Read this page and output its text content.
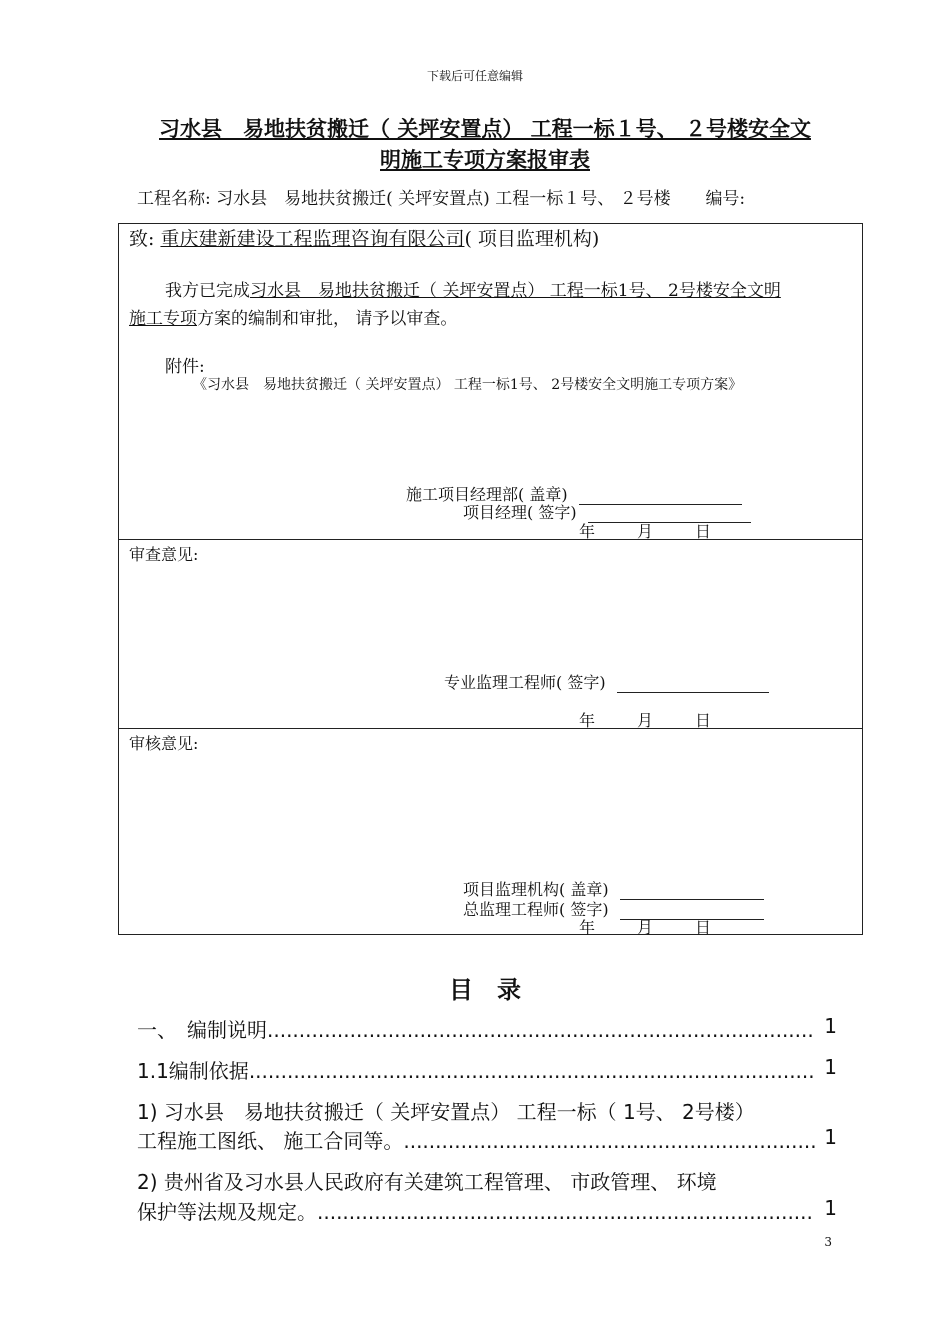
下载后可任意编辑
习水县　易地扶贫搬迁（ 关坪安置点） 工程一标１号、 ２号楼安全文
明施工专项方案报审表
工程名称: 习水县　易地扶贫搬迁( 关坪安置点) 工程一标１号、 ２号楼 编号:
致: 重庆建新建设工程监理咨询有限公司( 项目监理机构)
我方已完成习水县　易地扶贫搬迁（ 关坪安置点） 工程一标1号、 2号楼安全文明
施工专项方案的编制和审批， 请予以审查。
附件:
《习水县　易地扶贫搬迁（ 关坪安置点） 工程一标1号、 2号楼安全文明施工专项方案》
施工项目经理部( 盖章)
项目经理( 签字)
年	月	日
审查意见:
专业监理工程师( 签字)
年	月	日
审核意见:
项目监理机构( 盖章)
总监理工程师( 签字)
年	月	日
目　录
一、　编制说明...................................................................................... 1
1.1编制依据......................................................................................... 1
1) 习水县　易地扶贫搬迁（ 关坪安置点） 工程一标（ 1号、 2号楼）
工程施工图纸、 施工合同等。................................................................. 1
2) 贵州省及习水县人民政府有关建筑工程管理、 市政管理、 环境
保护等法规及规定。.............................................................................. 1
3
